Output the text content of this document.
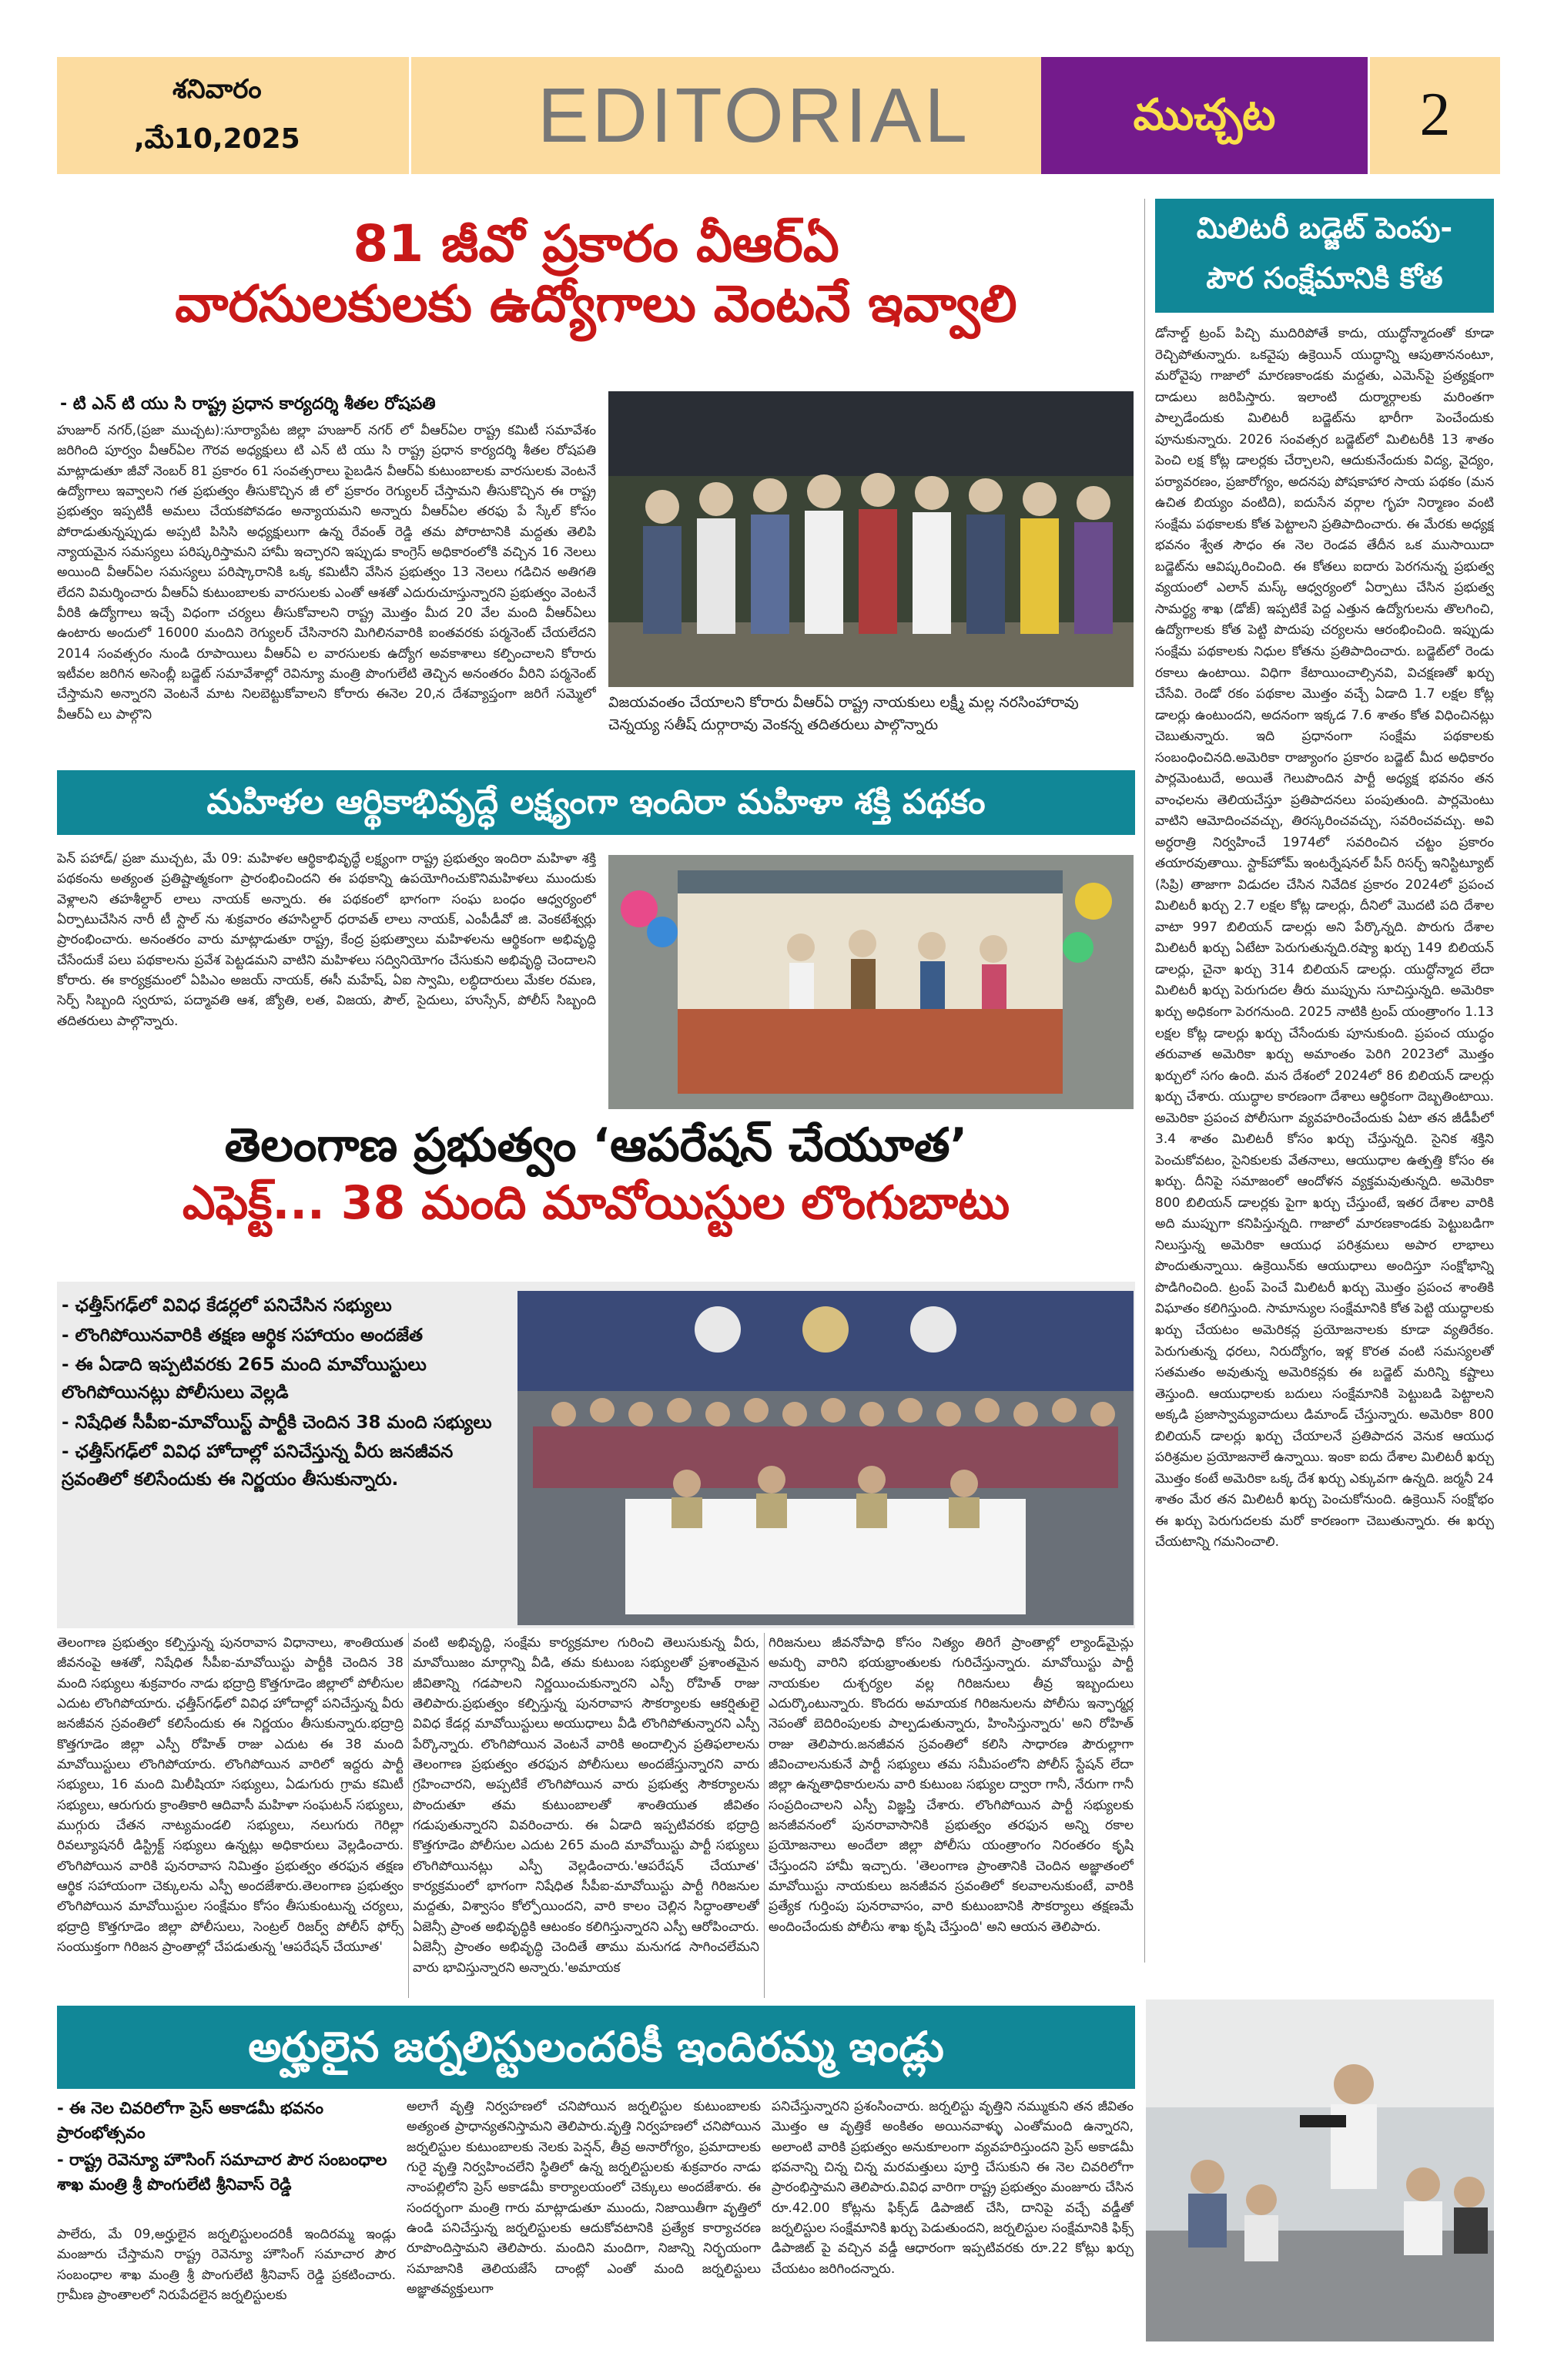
శనివారం
,మే10,2025	EDITORIAL	ముచ్చట	2
81 జీవో ప్రకారం వీఆర్ఏ
వారసులకులకు ఉద్యోగాలు వెంటనే ఇవ్వాలి
- టి ఎన్ టి యు సి రాష్ట్ర ప్రధాన కార్యదర్శి శీతల రోషపతి
హుజూర్ నగర్,(ప్రజా ముచ్చట):సూర్యాపేట జిల్లా హుజూర్ నగర్ లో వీఆర్ఏల రాష్ట్ర కమిటీ సమావేశం జరిగింది పూర్వం వీఆర్ఏల గౌరవ అధ్యక్షులు టి ఎన్ టి యు సి రాష్ట్ర ప్రధాన కార్యదర్శి శీతల రోషపతి మాట్లాడుతూ జీవో నెంబర్ 81 ప్రకారం 61 సంవత్సరాలు పైబడిన వీఆర్ఏ కుటుంబాలకు వారసులకు వెంటనే ఉద్యోగాలు ఇవ్వాలని గత ప్రభుత్వం తీసుకొచ్చిన జీ లో ప్రకారం రెగ్యులర్ చేస్తామని తీసుకొచ్చిన ఈ రాష్ట్ర ప్రభుత్వం ఇప్పటికీ అమలు చేయకపోవడం అన్యాయమని అన్నారు వీఆర్ఏల తరఫు పే స్కేల్ కోసం పోరాడుతున్నప్పుడు అప్పటి పిసిసి అధ్యక్షులుగా ఉన్న రేవంత్ రెడ్డి తమ పోరాటానికి మద్దతు తెలిపి న్యాయమైన సమస్యలు పరిష్కరిస్తామని హామీ ఇచ్చారని ఇప్పుడు కాంగ్రెస్ అధికారంలోకి వచ్చిన 16 నెలలు అయింది వీఆర్ఏల సమస్యలు పరిష్కారానికి ఒక్క కమిటీని వేసిన ప్రభుత్వం 13 నెలలు గడిచిన అతిగతి లేదని విమర్శించారు వీఆర్ఏ కుటుంబాలకు వారసులకు ఎంతో ఆశతో ఎదురుచూస్తున్నారని ప్రభుత్వం వెంటనే వీరికి ఉద్యోగాలు ఇచ్చే విధంగా చర్యలు తీసుకోవాలని రాష్ట్ర మొత్తం మీద 20 వేల మంది వీఆర్ఏలు ఉంటారు అందులో 16000 మందిని రెగ్యులర్ చేసినారని మిగిలినవారికి ఐంతవరకు పర్మనెంట్ చేయలేదని 2014 సంవత్సరం నుండి రూపాయిలు వీఆర్ఏ ల వారసులకు ఉద్యోగ అవకాశాలు కల్పించాలని కోరారు ఇటీవల జరిగిన అసెంబ్లీ బడ్జెట్ సమావేశాల్లో రెవిన్యూ మంత్రి పొంగులేటి తెచ్చిన అనంతరం వీరిని పర్మనెంట్ చేస్తామని అన్నారని వెంటనే మాట నిలబెట్టుకోవాలని కోరారు ఈనెల 20,న దేశవ్యాప్తంగా జరిగే సమ్మెలో వీఆర్ఏ లు పాల్గొని
విజయవంతం చేయాలని కోరారు వీఆర్ఏ రాష్ట్ర నాయకులు లక్ష్మీ మల్ల నరసింహారావు చెన్నయ్య సతీష్ దుర్గారావు వెంకన్న తదితరులు పాల్గొన్నారు
మహిళల ఆర్థికాభివృద్ధే లక్ష్యంగా ఇందిరా మహిళా శక్తి పథకం
పెన్ పహాడ్/ ప్రజా ముచ్చట, మే 09: మహిళల ఆర్థికాభివృద్ధే లక్ష్యంగా రాష్ట్ర ప్రభుత్వం ఇందిరా మహిళా శక్తి పథకంను అత్యంత ప్రతిష్టాత్మకంగా ప్రారంభించిందని ఈ పథకాన్ని ఉపయోగించుకొనిమహిళలు ముందుకు వెళ్లాలని తహశీల్దార్ లాలు నాయక్ అన్నారు. ఈ పథకంలో భాగంగా సంఘ బంధం ఆధ్వర్యంలో ఏర్పాటుచేసిన నారీ టీ స్టాల్ ను శుక్రవారం తహసిల్దార్ ధరావత్ లాలు నాయక్, ఎంపీడీవో జి. వెంకటేశ్వర్లు ప్రారంభించారు. అనంతరం వారు మాట్లాడుతూ రాష్ట్ర, కేంద్ర ప్రభుత్వాలు మహిళలను ఆర్థికంగా అభివృద్ధి చేసేందుకే పలు పథకాలను ప్రవేశ పెట్టడమని వాటిని మహిళలు సద్వినియోగం చేసుకుని అభివృద్ధి చెందాలని కోరారు. ఈ కార్యక్రమంలో ఏపిఎం అజయ్ నాయక్, ఈసీ మహేష్, ఏఐ స్వామి, లబ్ధిదారులు మేకల రమణ, సెర్ప్ సిబ్బంది స్వరూప, పద్మావతి ఆశ, జ్యోతి, లత, విజయ, పౌల్, సైదులు, హుస్సేన్, పోలీస్ సిబ్బంది తదితరులు పాల్గొన్నారు.
తెలంగాణ ప్రభుత్వం ‘ఆపరేషన్ చేయూత’
ఎఫెక్ట్... 38 మంది మావోయిస్టుల లొంగుబాటు
- ఛత్తీస్‌గఢ్‌లో వివిధ కేడర్లలో పనిచేసిన సభ్యులు
- లొంగిపోయినవారికి తక్షణ ఆర్థిక సహాయం అందజేత
- ఈ ఏడాది ఇప్పటివరకు 265 మంది మావోయిస్టులు లొంగిపోయినట్లు పోలీసులు వెల్లడి
- నిషేధిత సీపీఐ-మావోయిస్ట్ పార్టీకి చెందిన 38 మంది సభ్యులు
- ఛత్తీస్‌గఢ్‌లో వివిధ హోదాల్లో పనిచేస్తున్న వీరు జనజీవన స్రవంతిలో కలిసేందుకు ఈ నిర్ణయం తీసుకున్నారు.
తెలంగాణ ప్రభుత్వం కల్పిస్తున్న పునరావాస విధానాలు, శాంతియుత జీవనంపై ఆశతో, నిషేధిత సీపీఐ-మావోయిస్టు పార్టీకి చెందిన 38 మంది సభ్యులు శుక్రవారం నాడు భద్రాద్రి కొత్తగూడెం జిల్లాలో పోలీసుల ఎదుట లొంగిపోయారు. ఛత్తీస్‌గఢ్‌లో వివిధ హోదాల్లో పనిచేస్తున్న వీరు జనజీవన స్రవంతిలో కలిసేందుకు ఈ నిర్ణయం తీసుకున్నారు.భద్రాద్రి కొత్తగూడెం జిల్లా ఎస్పీ రోహిత్ రాజు ఎదుట ఈ 38 మంది మావోయిస్టులు లొంగిపోయారు. లొంగిపోయిన వారిలో ఇద్దరు పార్టీ సభ్యులు, 16 మంది మిలీషియా సభ్యులు, ఏడుగురు గ్రామ కమిటీ సభ్యులు, ఆరుగురు క్రాంతికారి ఆదివాసీ మహిళా సంఘటన్ సభ్యులు, ముగ్గురు చేతన నాట్యమండలి సభ్యులు, నలుగురు గెరిల్లా రివల్యూషనరీ డిస్ట్రిక్ట్ సభ్యులు ఉన్నట్లు అధికారులు వెల్లడించారు. లొంగిపోయిన వారికి పునరావాస నిమిత్తం ప్రభుత్వం తరఫున తక్షణ ఆర్థిక సహాయంగా చెక్కులను ఎస్పీ అందజేశారు.తెలంగాణ ప్రభుత్వం లొంగిపోయిన మావోయిస్టుల సంక్షేమం కోసం తీసుకుంటున్న చర్యలు, భద్రాద్రి కొత్తగూడెం జిల్లా పోలీసులు, సెంట్రల్ రిజర్వ్ పోలీస్ ఫోర్స్ సంయుక్తంగా గిరిజన ప్రాంతాల్లో చేపడుతున్న 'ఆపరేషన్ చేయూత'
వంటి అభివృద్ధి, సంక్షేమ కార్యక్రమాల గురించి తెలుసుకున్న వీరు, మావోయిజం మార్గాన్ని వీడి, తమ కుటుంబ సభ్యులతో ప్రశాంతమైన జీవితాన్ని గడపాలని నిర్ణయించుకున్నారని ఎస్పీ రోహిత్ రాజు తెలిపారు.ప్రభుత్వం కల్పిస్తున్న పునరావాస సౌకర్యాలకు ఆకర్షితులై వివిధ కేడర్ల మావోయిస్టులు అయుధాలు వీడి లొంగిపోతున్నారని ఎస్పీ పేర్కొన్నారు. లొంగిపోయిన వెంటనే వారికి అందాల్సిన ప్రతిఫలాలను తెలంగాణ ప్రభుత్వం తరఫున పోలీసులు అందజేస్తున్నారని వారు గ్రహించారని, అప్పటికే లొంగిపోయిన వారు ప్రభుత్వ సౌకర్యాలను పొందుతూ తమ కుటుంబాలతో శాంతియుత జీవితం గడుపుతున్నారని వివరించారు. ఈ ఏడాది ఇప్పటివరకు భద్రాద్రి కొత్తగూడెం పోలీసుల ఎదుట 265 మంది మావోయిస్టు పార్టీ సభ్యులు లొంగిపోయినట్లు ఎస్పీ వెల్లడించారు.'ఆపరేషన్ చేయూత' కార్యక్రమంలో భాగంగా నిషేధిత సీపీఐ-మావోయిస్టు పార్టీ గిరిజనుల మద్దతు, విశ్వాసం కోల్పోయిందని, వారి కాలం చెల్లిన సిద్ధాంతాలతో ఏజెన్సీ ప్రాంత అభివృద్ధికి ఆటంకం కలిగిస్తున్నారని ఎస్పీ ఆరోపించారు. ఏజెన్సీ ప్రాంతం అభివృద్ధి చెందితే తాము మనుగడ సాగించలేమని వారు భావిస్తున్నారని అన్నారు.'అమాయక
గిరిజనులు జీవనోపాధి కోసం నిత్యం తిరిగే ప్రాంతాల్లో ల్యాండ్‌మైన్లు అమర్చి వారిని భయభ్రాంతులకు గురిచేస్తున్నారు. మావోయిస్టు పార్టీ నాయకుల దుశ్చర్యల వల్ల గిరిజనులు తీవ్ర ఇబ్బందులు ఎదుర్కొంటున్నారు. కొందరు అమాయక గిరిజనులను పోలీసు ఇన్ఫార్మర్ల నెపంతో బెదిరింపులకు పాల్పడుతున్నారు, హింసిస్తున్నారు' అని రోహిత్ రాజు తెలిపారు.జనజీవన స్రవంతిలో కలిసి సాధారణ పౌరుల్లాగా జీవించాలనుకునే పార్టీ సభ్యులు తమ సమీపంలోని పోలీస్ స్టేషన్ లేదా జిల్లా ఉన్నతాధికారులను వారి కుటుంబ సభ్యుల ద్వారా గానీ, నేరుగా గానీ సంప్రదించాలని ఎస్పీ విజ్ఞప్తి చేశారు. లొంగిపోయిన పార్టీ సభ్యులకు జనజీవనంలో పునరావాసానికి ప్రభుత్వం తరఫున అన్ని రకాల ప్రయోజనాలు అందేలా జిల్లా పోలీసు యంత్రాంగం నిరంతరం కృషి చేస్తుందని హామీ ఇచ్చారు. 'తెలంగాణ ప్రాంతానికి చెందిన అజ్ఞాతంలో మావోయిస్టు నాయకులు జనజీవన స్రవంతిలో కలవాలనుకుంటే, వారికి ప్రత్యేక గుర్తింపు పునరావాసం, వారి కుటుంబానికి సౌకర్యాలు తక్షణమే అందించేందుకు పోలీసు శాఖ కృషి చేస్తుంది' అని ఆయన తెలిపారు.
మిలిటరీ బడ్జెట్ పెంపు-
పౌర సంక్షేమానికి కోత
డోనాల్డ్ ట్రంప్ పిచ్చి ముదిరిపోతే కాదు, యుద్ధోన్మాదంతో కూడా రెచ్చిపోతున్నారు. ఒకవైపు ఉక్రెయిన్ యుద్ధాన్ని ఆపుతాననంటూ, మరోవైపు గాజాలో మారణకాండకు మద్దతు, ఎమెన్‌పై ప్రత్యక్షంగా దాడులు జరిపిస్తారు. ఇలాంటి దుర్మార్గాలకు మరింతగా పాల్పడేందుకు మిలిటరీ బడ్జెట్‌ను భారీగా పెంచేందుకు పూనుకున్నారు. 2026 సంవత్సర బడ్జెట్‌లో మిలిటరీకి 13 శాతం పెంచి లక్ష కోట్ల డాలర్లకు చేర్చాలని, ఆదుకునేందుకు విద్య, వైద్యం, పర్యావరణం, ప్రజారోగ్యం, అదనపు పోషకాహార సాయ పథకం (మన ఉచిత బియ్యం వంటిది), ఐదుసేన వర్గాల గృహ నిర్మాణం వంటి సంక్షేమ పథకాలకు కోత పెట్టాలని ప్రతిపాదించారు. ఈ మేరకు అధ్యక్ష భవనం శ్వేత సౌధం ఈ నెల రెండవ తేదీన ఒక ముసాయిదా బడ్జెట్‌ను ఆవిష్కరించింది. ఈ కోతలు ఐదారు పెరగనున్న ప్రభుత్వ వ్యయంలో ఎలాన్ మస్క్ ఆధ్వర్యంలో ఏర్పాటు చేసిన ప్రభుత్వ సామర్థ్య శాఖ (డోజ్) ఇప్పటికే పెద్ద ఎత్తున ఉద్యోగులను తొలగించి, ఉద్యోగాలకు కోత పెట్టి పొదుపు చర్యలను ఆరంభించింది. ఇప్పుడు సంక్షేమ పథకాలకు నిధుల కోతను ప్రతిపాదించారు. బడ్జెట్‌లో రెండు రకాలు ఉంటాయి. విధిగా కేటాయించాల్సినవి, విచక్షణతో ఖర్చు చేసేవి. రెండో రకం పథకాల మొత్తం వచ్చే ఏడాది 1.7 లక్షల కోట్ల డాలర్లు ఉంటుందని, అదనంగా ఇక్కడ 7.6 శాతం కోత విధించినట్లు చెబుతున్నారు. ఇది ప్రధానంగా సంక్షేమ పథకాలకు సంబంధించినది.అమెరికా రాజ్యాంగం ప్రకారం బడ్జెట్ మీద అధికారం పార్లమెంటుదే, అయితే గెలుపొందిన పార్టీ అధ్యక్ష భవనం తన వాంఛలను తెలియచేస్తూ ప్రతిపాదనలు పంపుతుంది. పార్లమెంటు వాటిని ఆమోదించవచ్చు, తిరస్కరించవచ్చు, సవరించవచ్చు. అవి అర్ధరాత్రి నిర్వహించే 1974లో సవరించిన చట్టం ప్రకారం తయారవుతాయి. స్టాక్‌హోమ్ ఇంటర్నేషనల్ పీస్ రిసర్చ్ ఇనిస్టిట్యూట్ (సిప్రి) తాజాగా విడుదల చేసిన నివేదిక ప్రకారం 2024లో ప్రపంచ మిలిటరీ ఖర్చు 2.7 లక్షల కోట్ల డాలర్లు, దీనిలో మొదటి పది దేశాల వాటా 997 బిలియన్ డాలర్లు అని పేర్కొన్నది. పొరుగు దేశాల మిలిటరీ ఖర్చు ఏటేటా పెరుగుతున్నది.రష్యా ఖర్చు 149 బిలియన్ డాలర్లు, చైనా ఖర్చు 314 బిలియన్ డాలర్లు. యుద్ధోన్మాద లేదా మిలిటరీ ఖర్చు పెరుగుదల తీరు ముప్పును సూచిస్తున్నది. అమెరికా ఖర్చు అధికంగా పెరగనుంది. 2025 నాటికి ట్రంప్ యంత్రాంగం 1.13 లక్షల కోట్ల డాలర్లు ఖర్చు చేసేందుకు పూనుకుంది. ప్రపంచ యుద్ధం తరువాత అమెరికా ఖర్చు అమాంతం పెరిగి 2023లో మొత్తం ఖర్చులో సగం ఉంది. మన దేశంలో 2024లో 86 బిలియన్ డాలర్లు ఖర్చు చేశారు. యుద్ధాల కారణంగా దేశాలు ఆర్థికంగా దెబ్బతింటాయి. అమెరికా ప్రపంచ పోలీసుగా వ్యవహరించేందుకు ఏటా తన జీడీపీలో 3.4 శాతం మిలిటరీ కోసం ఖర్చు చేస్తున్నది. సైనిక శక్తిని పెంచుకోవటం, సైనికులకు వేతనాలు, ఆయుధాల ఉత్పత్తి కోసం ఈ ఖర్చు. దీనిపై సమాజంలో ఆందోళన వ్యక్తమవుతున్నది. అమెరికా 800 బిలియన్ డాలర్లకు పైగా ఖర్చు చేస్తుంటే, ఇతర దేశాల వారికి అది ముప్పుగా కనిపిస్తున్నది. గాజాలో మారణకాండకు పెట్టుబడిగా నిలుస్తున్న అమెరికా ఆయుధ పరిశ్రమలు అపార లాభాలు పొందుతున్నాయి. ఉక్రెయిన్‌కు ఆయుధాలు అందిస్తూ సంక్షోభాన్ని పొడిగించింది. ట్రంప్ పెంచే మిలిటరీ ఖర్చు మొత్తం ప్రపంచ శాంతికి విఘాతం కలిగిస్తుంది. సామాన్యుల సంక్షేమానికి కోత పెట్టి యుద్ధాలకు ఖర్చు చేయటం అమెరికన్ల ప్రయోజనాలకు కూడా వ్యతిరేకం. పెరుగుతున్న ధరలు, నిరుద్యోగం, ఇళ్ల కొరత వంటి సమస్యలతో సతమతం అవుతున్న అమెరికన్లకు ఈ బడ్జెట్ మరిన్ని కష్టాలు తెస్తుంది. ఆయుధాలకు బదులు సంక్షేమానికి పెట్టుబడి పెట్టాలని అక్కడి ప్రజాస్వామ్యవాదులు డిమాండ్ చేస్తున్నారు. అమెరికా 800 బిలియన్ డాలర్లు ఖర్చు చేయాలనే ప్రతిపాదన వెనుక ఆయుధ పరిశ్రమల ప్రయోజనాలే ఉన్నాయి. ఇంకా ఐదు దేశాల మిలిటరీ ఖర్చు మొత్తం కంటే అమెరికా ఒక్క దేశ ఖర్చు ఎక్కువగా ఉన్నది. జర్మనీ 24 శాతం మేర తన మిలిటరీ ఖర్చు పెంచుకోనుంది. ఉక్రెయిన్ సంక్షోభం ఈ ఖర్చు పెరుగుదలకు మరో కారణంగా చెబుతున్నారు. ఈ ఖర్చు చేయటాన్ని గమనించాలి.
అర్హులైన జర్నలిస్టులందరికీ ఇందిరమ్మ ఇండ్లు
- ఈ నెల చివరిలోగా ప్రెస్ అకాడమీ భవనం ప్రారంభోత్సవం
- రాష్ట్ర రెవెన్యూ హౌసింగ్ సమాచార పౌర సంబంధాల శాఖ మంత్రి శ్రీ పొంగులేటి శ్రీనివాస్ రెడ్డి
పాలేరు, మే 09,అర్హులైన జర్నలిస్టులందరికీ ఇందిరమ్మ ఇండ్లు మంజూరు చేస్తామని రాష్ట్ర రెవెన్యూ హౌసింగ్ సమాచార పౌర సంబంధాల శాఖ మంత్రి శ్రీ పొంగులేటి శ్రీనివాస్ రెడ్డి ప్రకటించారు. గ్రామీణ ప్రాంతాలలో నిరుపేదలైన జర్నలిస్టులకు
అలాగే వృత్తి నిర్వహణలో చనిపోయిన జర్నలిస్టుల కుటుంబాలకు అత్యంత ప్రాధాన్యతనిస్తామని తెలిపారు.వృత్తి నిర్వహణలో చనిపోయిన జర్నలిస్టుల కుటుంబాలకు నెలకు పెన్షన్, తీవ్ర అనారోగ్యం, ప్రమాదాలకు గురై వృత్తి నిర్వహించలేని స్థితిలో ఉన్న జర్నలిస్టులకు శుక్రవారం నాడు నాంపల్లిలోని ప్రెస్ అకాడమీ కార్యాలయంలో చెక్కులు అందజేశారు. ఈ సందర్భంగా మంత్రి గారు మాట్లాడుతూ ముందు, నిజాయితీగా వృత్తిలో ఉండి పనిచేస్తున్న జర్నలిస్టులకు ఆదుకోవటానికి ప్రత్యేక కార్యాచరణ రూపొందిస్తామని తెలిపారు. మందిని మందిగా, నిజాన్ని నిర్భయంగా సమాజానికి తెలియజేసే దాంట్లో ఎంతో మంది జర్నలిస్టులు అజ్ఞాతవ్యక్తులుగా
పనిచేస్తున్నారని ప్రశంసించారు. జర్నలిస్టు వృత్తిని నమ్ముకుని తన జీవితం మొత్తం ఆ వృత్తికే అంకితం అయినవాళ్ళు ఎంతోమంది ఉన్నారని, అలాంటి వారికి ప్రభుత్వం అనుకూలంగా వ్యవహరిస్తుందని ప్రెస్ అకాడమీ భవనాన్ని చిన్న చిన్న మరమత్తులు పూర్తి చేసుకుని ఈ నెల చివరిలోగా ప్రారంభిస్తామని తెలిపారు.వివిధ వారిగా రాష్ట్ర ప్రభుత్వం మంజూరు చేసిన రూ.42.00 కోట్లను ఫిక్స్‌డ్ డిపాజిట్ చేసి, దానిపై వచ్చే వడ్డీతో జర్నలిస్టుల సంక్షేమానికి ఖర్చు పెడుతుందని, జర్నలిస్టుల సంక్షేమానికి ఫిక్స్ డిపాజిట్ పై వచ్చిన వడ్డీ ఆధారంగా ఇప్పటివరకు రూ.22 కోట్లు ఖర్చు చేయటం జరిగిందన్నారు.
